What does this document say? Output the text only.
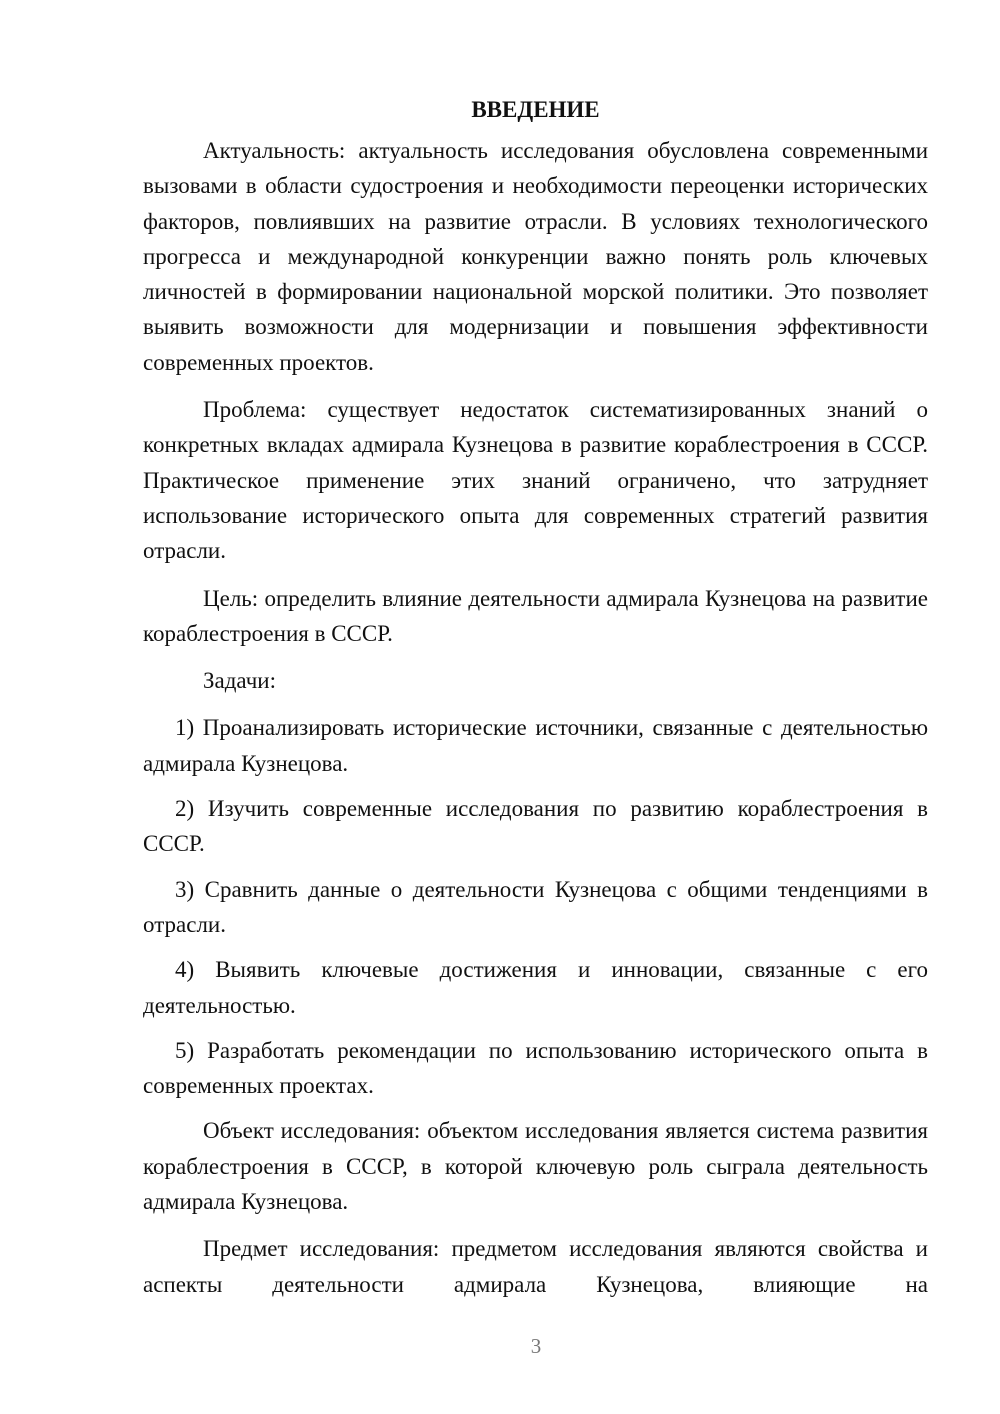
ВВЕДЕНИЕ

Актуальность: актуальность исследования обусловлена современными вызовами в области судостроения и необходимости переоценки исторических факторов, повлиявших на развитие отрасли. В условиях технологического прогресса и международной конкуренции важно понять роль ключевых личностей в формировании национальной морской политики. Это позволяет выявить возможности для модернизации и повышения эффективности современных проектов.

Проблема: существует недостаток систематизированных знаний о конкретных вкладах адмирала Кузнецова в развитие кораблестроения в СССР. Практическое применение этих знаний ограничено, что затрудняет использование исторического опыта для современных стратегий развития отрасли.

Цель: определить влияние деятельности адмирала Кузнецова на развитие кораблестроения в СССР.

Задачи:

1) Проанализировать исторические источники, связанные с деятельностью адмирала Кузнецова.

2) Изучить современные исследования по развитию кораблестроения в СССР.

3) Сравнить данные о деятельности Кузнецова с общими тенденциями в отрасли.

4) Выявить ключевые достижения и инновации, связанные с его деятельностью.

5) Разработать рекомендации по использованию исторического опыта в современных проектах.

Объект исследования: объектом исследования является система развития кораблестроения в СССР, в которой ключевую роль сыграла деятельность адмирала Кузнецова.

Предмет исследования: предметом исследования являются свойства и аспекты деятельности адмирала Кузнецова, влияющие на

3
